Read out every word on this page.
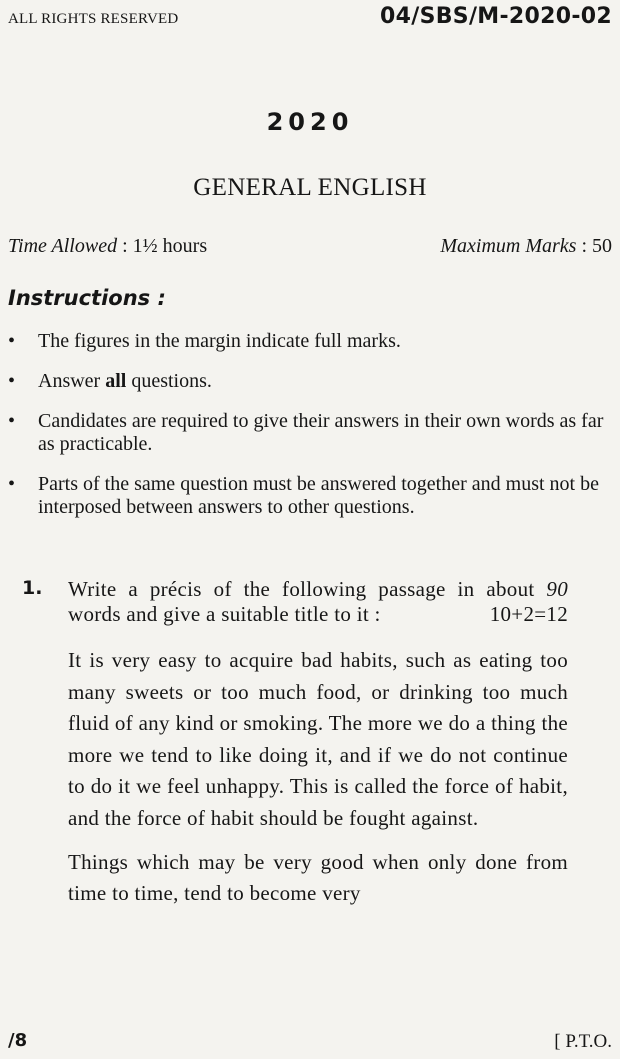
ALL RIGHTS RESERVED	04/SBS/M-2020-02
2020
GENERAL ENGLISH
Time Allowed : 1½ hours	Maximum Marks : 50
Instructions :
• The figures in the margin indicate full marks.
• Answer all questions.
• Candidates are required to give their answers in their own words as far as practicable.
• Parts of the same question must be answered together and must not be interposed between answers to other questions.
1. Write a précis of the following passage in about 90 words and give a suitable title to it :	10+2=12
It is very easy to acquire bad habits, such as eating too many sweets or too much food, or drinking too much fluid of any kind or smoking. The more we do a thing the more we tend to like doing it, and if we do not continue to do it we feel unhappy. This is called the force of habit, and the force of habit should be fought against.
Things which may be very good when only done from time to time, tend to become very
/8	[ P.T.O.
